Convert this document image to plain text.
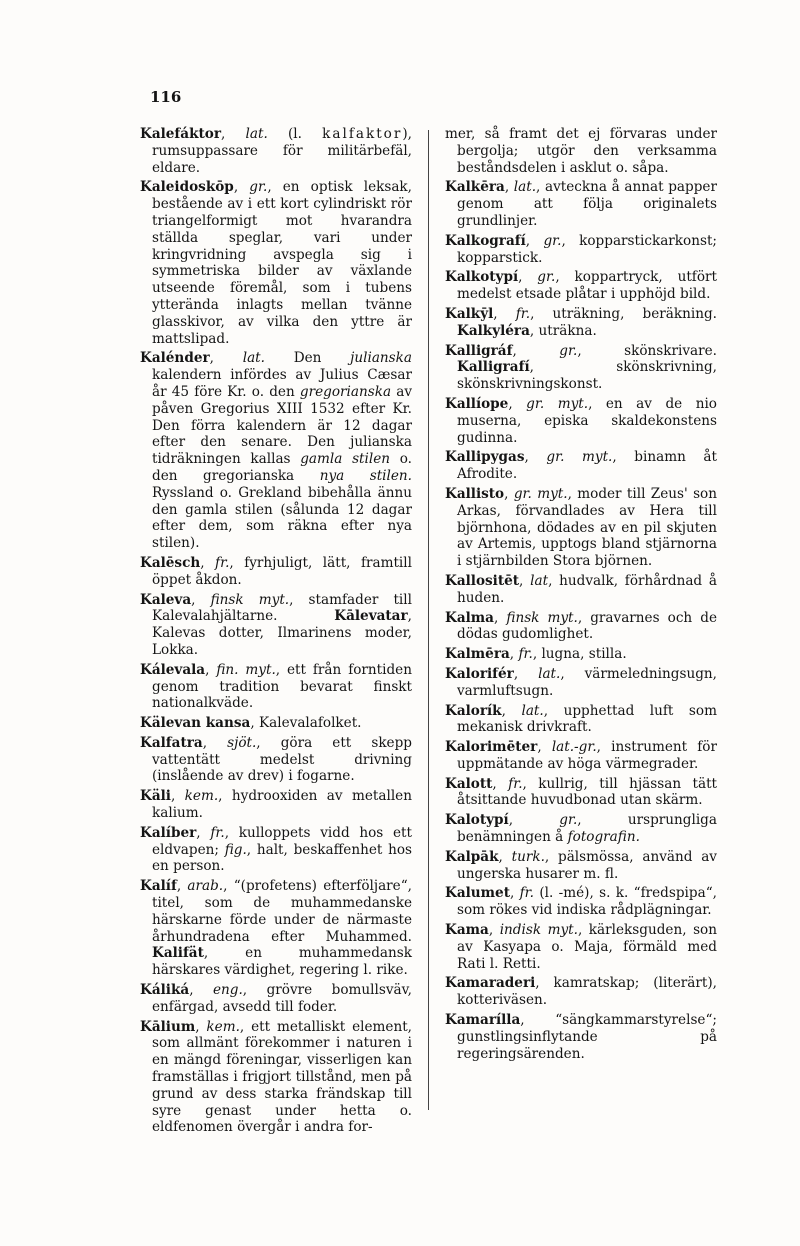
116

Kalefáktor, lat. (l. kalfaktor), rumsuppassare för militärbefäl, eldare.

Kaleidoskōp, gr., en optisk leksak, bestående av i ett kort cylindriskt rör triangelformigt mot hvarandra ställda speglar, vari under kringvridning avspegla sig i symmetriska bilder av växlande utseende föremål, som i tubens ytterända inlagts mellan tvänne glasskivor, av vilka den yttre är mattslipad.

Kalénder, lat. Den julianska kalendern infördes av Julius Cæsar år 45 före Kr. o. den gregorianska av påven Gregorius XIII 1532 efter Kr. Den förra kalendern är 12 dagar efter den senare. Den julianska tidräkningen kallas gamla stilen o. den gregorianska nya stilen. Ryssland o. Grekland bibehålla ännu den gamla stilen (sålunda 12 dagar efter dem, som räkna efter nya stilen).

Kalēsch, fr., fyrhjuligt, lätt, framtill öppet åkdon.

Kaleva, finsk myt., stamfader till Kalevalahjältarne. Kālevatar, Kalevas dotter, Ilmarinens moder, Lokka.

Kálevala, fin. myt., ett från forntiden genom tradition bevarat finskt nationalkväde.

Kälevan kansa, Kalevalafolket.

Kalfatra, sjöt., göra ett skepp vattentätt medelst drivning (inslående av drev) i fogarne.

Käli, kem., hydrooxiden av metallen kalium.

Kalíber, fr., kulloppets vidd hos ett eldvapen; fig., halt, beskaffenhet hos en person.

Kalíf, arab., “(profetens) efterföljare“, titel, som de muhammedanske härskarne förde under de närmaste århundradena efter Muhammed. Kalifät, en muhammedansk härskares värdighet, regering l. rike.

Káliká, eng., grövre bomullsväv, enfärgad, avsedd till foder.

Kālium, kem., ett metalliskt element, som allmänt förekommer i naturen i en mängd föreningar, visserligen kan framställas i frigjort tillstånd, men på grund av dess starka frändskap till syre genast under hetta o. eldfenomen övergår i andra for-

mer, så framt det ej förvaras under bergolja; utgör den verksamma beståndsdelen i asklut o. såpa.

Kalkēra, lat., avteckna å annat papper genom att följa originalets grundlinjer.

Kalkografí, gr., kopparstickarkonst; kopparstick.

Kalkotypí, gr., koppartryck, utfört medelst etsade plåtar i upphöjd bild.

Kalkȳl, fr., uträkning, beräkning. Kalkyléra, uträkna.

Kalligráf, gr., skönskrivare. Kalligrafí, skönskrivning, skönskrivningskonst.

Kallíope, gr. myt., en av de nio muserna, episka skaldekonstens gudinna.

Kallipygas, gr. myt., binamn åt Afrodite.

Kallisto, gr. myt., moder till Zeus' son Arkas, förvandlades av Hera till björnhona, dödades av en pil skjuten av Artemis, upptogs bland stjärnorna i stjärnbilden Stora björnen.

Kallositēt, lat, hudvalk, förhårdnad å huden.

Kalma, finsk myt., gravarnes och de dödas gudomlighet.

Kalmēra, fr., lugna, stilla.

Kalorifér, lat., värmeledningsugn, varmluftsugn.

Kalorík, lat., upphettad luft som mekanisk drivkraft.

Kalorimēter, lat.-gr., instrument för uppmätande av höga värmegrader.

Kalott, fr., kullrig, till hjässan tätt åtsittande huvudbonad utan skärm.

Kalotypí, gr., ursprungliga benämningen å fotografin.

Kalpāk, turk., pälsmössa, använd av ungerska husarer m. fl.

Kalumet, fr. (l. -mé), s. k. “fredspipa“, som rökes vid indiska rådplägningar.

Kama, indisk myt., kärleksguden, son av Kasyapa o. Maja, förmäld med Rati l. Retti.

Kamaraderi, kamratskap; (literärt), kotteriväsen.

Kamarílla, “sängkammarstyrelse“; gunstlingsinflytande på regeringsärenden.
